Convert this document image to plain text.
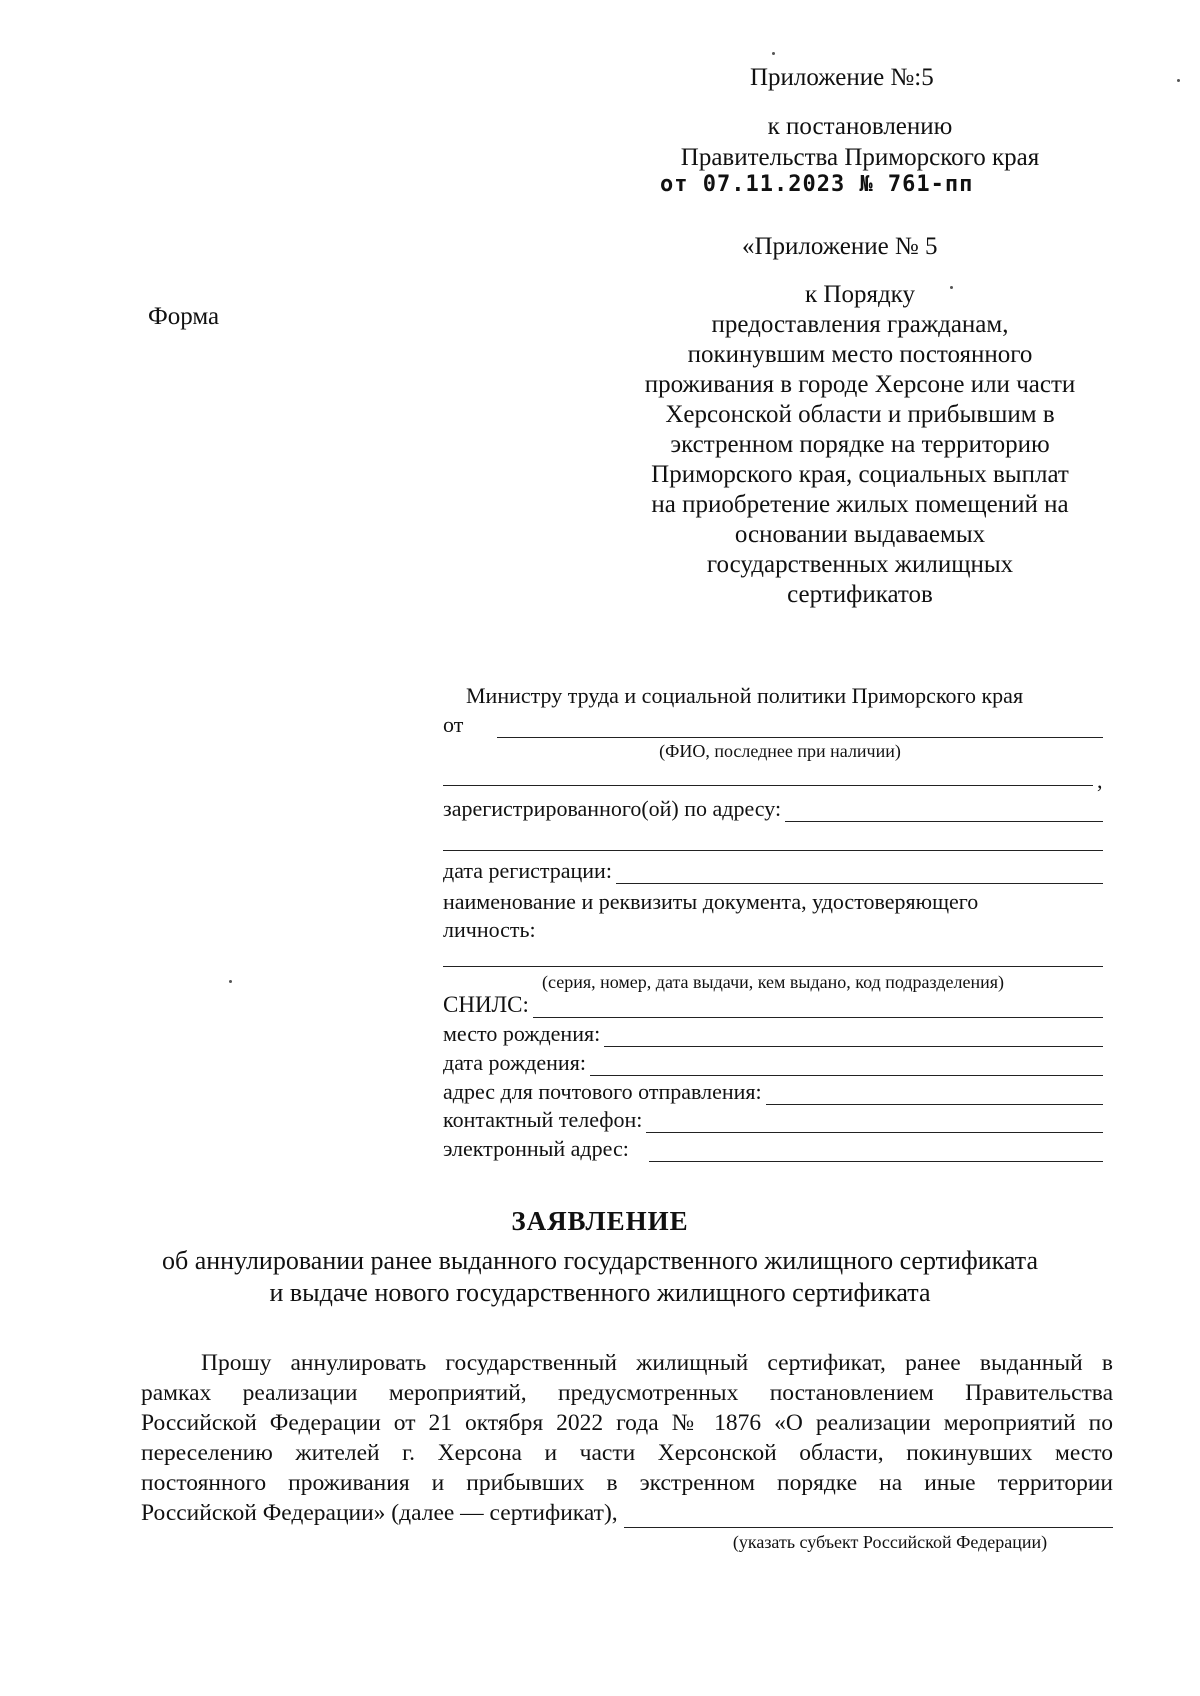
Приложение №:5
к постановлению
Правительства Приморского края
от 07.11.2023 № 761-пп
«Приложение № 5
к Порядку
предоставления гражданам,
покинувшим место постоянного
проживания в городе Херсоне или части
Херсонской области и прибывшим в
экстренном порядке на территорию
Приморского края, социальных выплат
на приобретение жилых помещений на
основании выдаваемых
государственных жилищных
сертификатов
Форма
Министру труда и социальной политики Приморского края
от
(ФИО, последнее при наличии)
,
зарегистрированного(ой) по адресу:
дата регистрации:
наименование и реквизиты документа, удостоверяющего
личность:
(серия, номер, дата выдачи, кем выдано, код подразделения)
СНИЛС:
место рождения:
дата рождения:
адрес для почтового отправления:
контактный телефон:
электронный адрес:
ЗАЯВЛЕНИЕ
об аннулировании ранее выданного государственного жилищного сертификата
и выдаче нового государственного жилищного сертификата
Прошу аннулировать государственный жилищный сертификат, ранее выданный в
рамках реализации мероприятий, предусмотренных постановлением Правительства
Российской Федерации от 21 октября 2022 года № 1876 «О реализации мероприятий по
переселению жителей г. Херсона и части Херсонской области, покинувших место
постоянного проживания и прибывших в экстренном порядке на иные территории
Российской Федерации» (далее — сертификат),
(указать субъект Российской Федерации)
